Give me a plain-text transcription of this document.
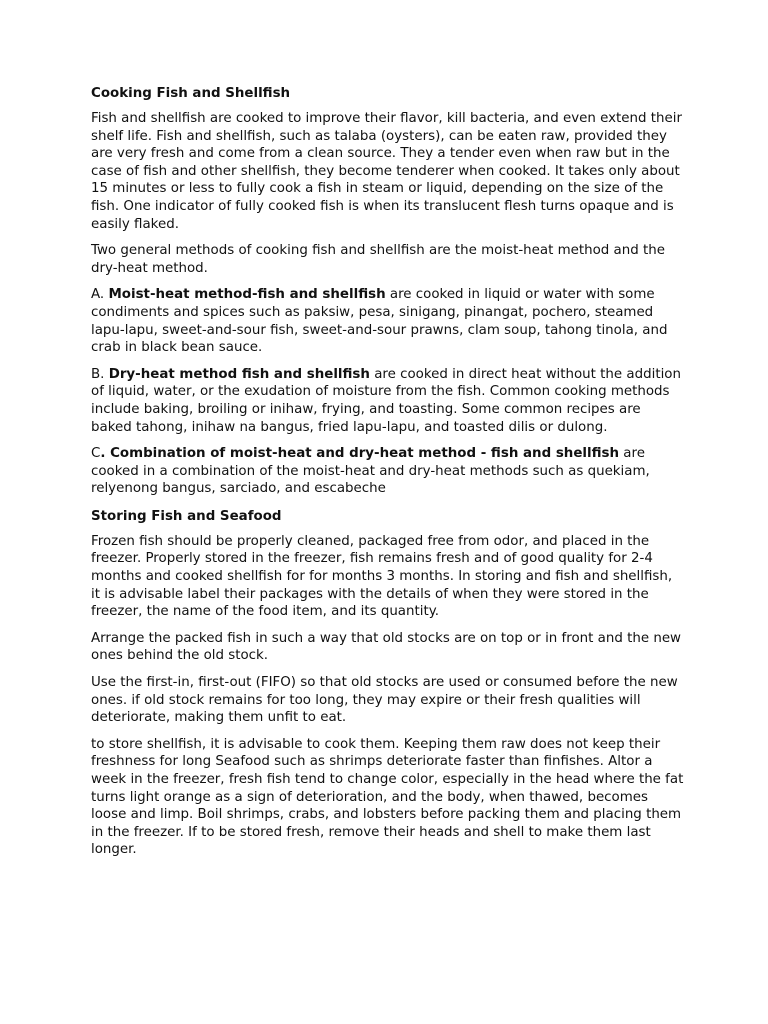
Cooking Fish and Shellfish

Fish and shellfish are cooked to improve their flavor, kill bacteria, and even extend their shelf life. Fish and shellfish, such as talaba (oysters), can be eaten raw, provided they are very fresh and come from a clean source. They a tender even when raw but in the case of fish and other shellfish, they become tenderer when cooked. It takes only about 15 minutes or less to fully cook a fish in steam or liquid, depending on the size of the fish. One indicator of fully cooked fish is when its translucent flesh turns opaque and is easily flaked.

Two general methods of cooking fish and shellfish are the moist-heat method and the dry-heat method.

A. Moist-heat method-fish and shellfish are cooked in liquid or water with some condiments and spices such as paksiw, pesa, sinigang, pinangat, pochero, steamed lapu-lapu, sweet-and-sour fish, sweet-and-sour prawns, clam soup, tahong tinola, and crab in black bean sauce.

B. Dry-heat method fish and shellfish are cooked in direct heat without the addition of liquid, water, or the exudation of moisture from the fish. Common cooking methods include baking, broiling or inihaw, frying, and toasting. Some common recipes are baked tahong, inihaw na bangus, fried lapu-lapu, and toasted dilis or dulong.

C. Combination of moist-heat and dry-heat method - fish and shellfish are cooked in a combination of the moist-heat and dry-heat methods such as quekiam, relyenong bangus, sarciado, and escabeche

Storing Fish and Seafood

Frozen fish should be properly cleaned, packaged free from odor, and placed in the freezer. Properly stored in the freezer, fish remains fresh and of good quality for 2-4 months and cooked shellfish for for months 3 months. In storing and fish and shellfish, it is advisable label their packages with the details of when they were stored in the freezer, the name of the food item, and its quantity.

Arrange the packed fish in such a way that old stocks are on top or in front and the new ones behind the old stock.

Use the first-in, first-out (FIFO) so that old stocks are used or consumed before the new ones. if old stock remains for too long, they may expire or their fresh qualities will deteriorate, making them unfit to eat.

to store shellfish, it is advisable to cook them. Keeping them raw does not keep their freshness for long Seafood such as shrimps deteriorate faster than finfishes. Altor a week in the freezer, fresh fish tend to change color, especially in the head where the fat turns light orange as a sign of deterioration, and the body, when thawed, becomes loose and limp. Boil shrimps, crabs, and lobsters before packing them and placing them in the freezer. If to be stored fresh, remove their heads and shell to make them last longer.
